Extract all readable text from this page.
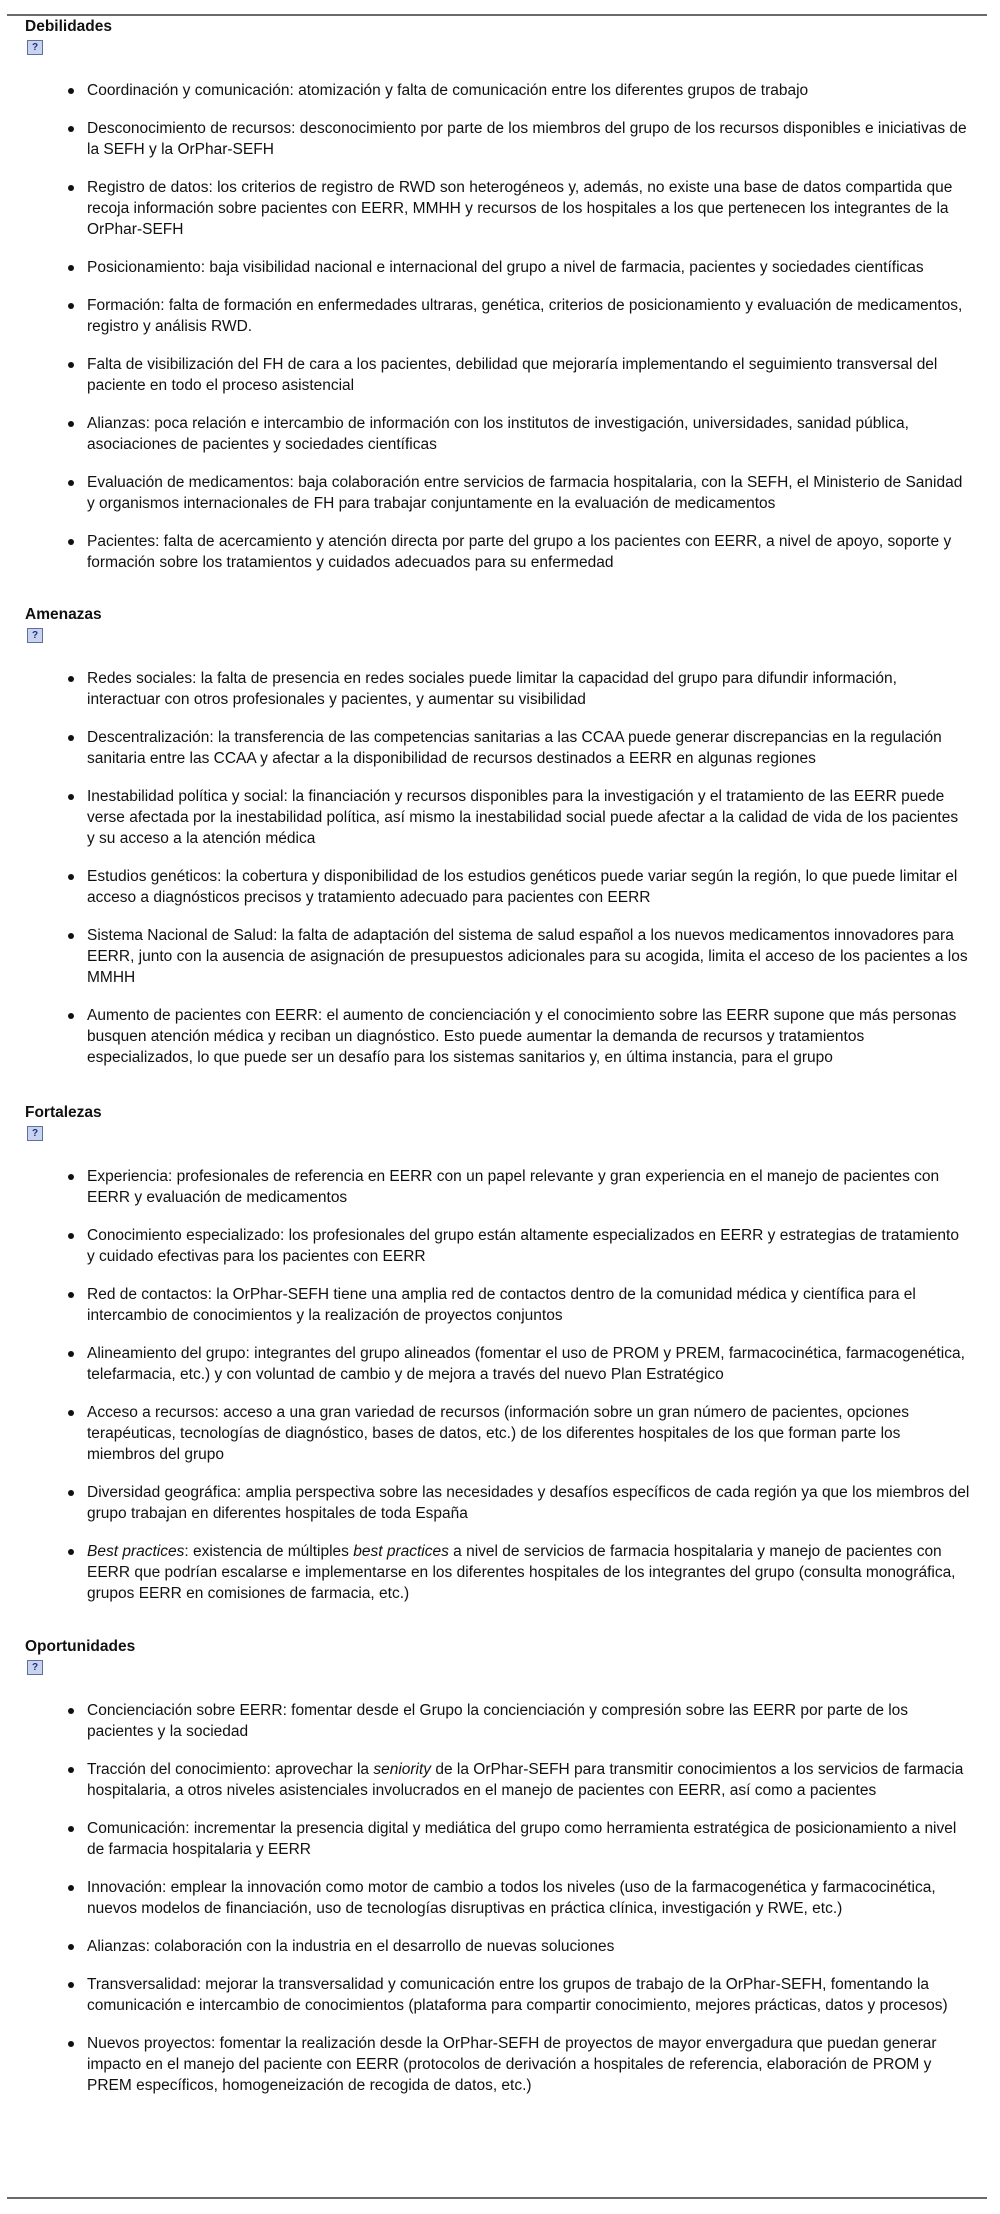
Debilidades
?
Coordinación y comunicación: atomización y falta de comunicación entre los diferentes grupos de trabajo
Desconocimiento de recursos: desconocimiento por parte de los miembros del grupo de los recursos disponibles e iniciativas de la SEFH y la OrPhar-SEFH
Registro de datos: los criterios de registro de RWD son heterogéneos y, además, no existe una base de datos compartida que recoja información sobre pacientes con EERR, MMHH y recursos de los hospitales a los que pertenecen los integrantes de la OrPhar-SEFH
Posicionamiento: baja visibilidad nacional e internacional del grupo a nivel de farmacia, pacientes y sociedades científicas
Formación: falta de formación en enfermedades ultraras, genética, criterios de posicionamiento y evaluación de medicamentos, registro y análisis RWD.
Falta de visibilización del FH de cara a los pacientes, debilidad que mejoraría implementando el seguimiento transversal del paciente en todo el proceso asistencial
Alianzas: poca relación e intercambio de información con los institutos de investigación, universidades, sanidad pública, asociaciones de pacientes y sociedades científicas
Evaluación de medicamentos: baja colaboración entre servicios de farmacia hospitalaria, con la SEFH, el Ministerio de Sanidad y organismos internacionales de FH para trabajar conjuntamente en la evaluación de medicamentos
Pacientes: falta de acercamiento y atención directa por parte del grupo a los pacientes con EERR, a nivel de apoyo, soporte y formación sobre los tratamientos y cuidados adecuados para su enfermedad
Amenazas
?
Redes sociales: la falta de presencia en redes sociales puede limitar la capacidad del grupo para difundir información, interactuar con otros profesionales y pacientes, y aumentar su visibilidad
Descentralización: la transferencia de las competencias sanitarias a las CCAA puede generar discrepancias en la regulación sanitaria entre las CCAA y afectar a la disponibilidad de recursos destinados a EERR en algunas regiones
Inestabilidad política y social: la financiación y recursos disponibles para la investigación y el tratamiento de las EERR puede verse afectada por la inestabilidad política, así mismo la inestabilidad social puede afectar a la calidad de vida de los pacientes y su acceso a la atención médica
Estudios genéticos: la cobertura y disponibilidad de los estudios genéticos puede variar según la región, lo que puede limitar el acceso a diagnósticos precisos y tratamiento adecuado para pacientes con EERR
Sistema Nacional de Salud: la falta de adaptación del sistema de salud español a los nuevos medicamentos innovadores para EERR, junto con la ausencia de asignación de presupuestos adicionales para su acogida, limita el acceso de los pacientes a los MMHH
Aumento de pacientes con EERR: el aumento de concienciación y el conocimiento sobre las EERR supone que más personas busquen atención médica y reciban un diagnóstico. Esto puede aumentar la demanda de recursos y tratamientos especializados, lo que puede ser un desafío para los sistemas sanitarios y, en última instancia, para el grupo
Fortalezas
?
Experiencia: profesionales de referencia en EERR con un papel relevante y gran experiencia en el manejo de pacientes con EERR y evaluación de medicamentos
Conocimiento especializado: los profesionales del grupo están altamente especializados en EERR y estrategias de tratamiento y cuidado efectivas para los pacientes con EERR
Red de contactos: la OrPhar-SEFH tiene una amplia red de contactos dentro de la comunidad médica y científica para el intercambio de conocimientos y la realización de proyectos conjuntos
Alineamiento del grupo: integrantes del grupo alineados (fomentar el uso de PROM y PREM, farmacocinética, farmacogenética, telefarmacia, etc.) y con voluntad de cambio y de mejora a través del nuevo Plan Estratégico
Acceso a recursos: acceso a una gran variedad de recursos (información sobre un gran número de pacientes, opciones terapéuticas, tecnologías de diagnóstico, bases de datos, etc.) de los diferentes hospitales de los que forman parte los miembros del grupo
Diversidad geográfica: amplia perspectiva sobre las necesidades y desafíos específicos de cada región ya que los miembros del grupo trabajan en diferentes hospitales de toda España
Best practices: existencia de múltiples best practices a nivel de servicios de farmacia hospitalaria y manejo de pacientes con EERR que podrían escalarse e implementarse en los diferentes hospitales de los integrantes del grupo (consulta monográfica, grupos EERR en comisiones de farmacia, etc.)
Oportunidades
?
Concienciación sobre EERR: fomentar desde el Grupo la concienciación y compresión sobre las EERR por parte de los pacientes y la sociedad
Tracción del conocimiento: aprovechar la seniority de la OrPhar-SEFH para transmitir conocimientos a los servicios de farmacia hospitalaria, a otros niveles asistenciales involucrados en el manejo de pacientes con EERR, así como a pacientes
Comunicación: incrementar la presencia digital y mediática del grupo como herramienta estratégica de posicionamiento a nivel de farmacia hospitalaria y EERR
Innovación: emplear la innovación como motor de cambio a todos los niveles (uso de la farmacogenética y farmacocinética, nuevos modelos de financiación, uso de tecnologías disruptivas en práctica clínica, investigación y RWE, etc.)
Alianzas: colaboración con la industria en el desarrollo de nuevas soluciones
Transversalidad: mejorar la transversalidad y comunicación entre los grupos de trabajo de la OrPhar-SEFH, fomentando la comunicación e intercambio de conocimientos (plataforma para compartir conocimiento, mejores prácticas, datos y procesos)
Nuevos proyectos: fomentar la realización desde la OrPhar-SEFH de proyectos de mayor envergadura que puedan generar impacto en el manejo del paciente con EERR (protocolos de derivación a hospitales de referencia, elaboración de PROM y PREM específicos, homogeneización de recogida de datos, etc.)
